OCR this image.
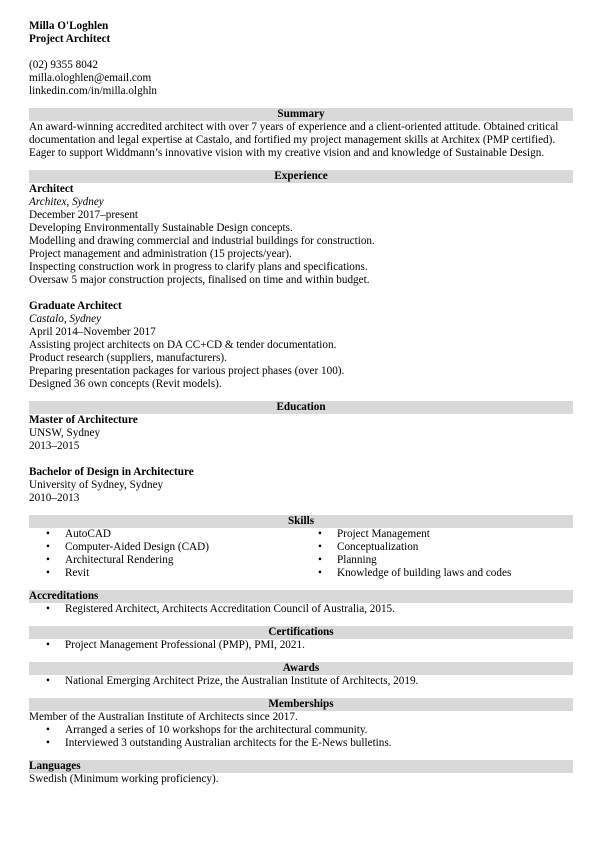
Milla O'Loghlen
Project Architect
(02) 9355 8042
milla.ologhlen@email.com
linkedin.com/in/milla.olghln
Summary
An award-winning accredited architect with over 7 years of experience and a client-oriented attitude. Obtained critical documentation and legal expertise at Castalo, and fortified my project management skills at Architex (PMP certified). Eager to support Widdmann’s innovative vision with my creative vision and and knowledge of Sustainable Design.
Experience
Architect
Architex, Sydney
December 2017–present
Developing Environmentally Sustainable Design concepts.
Modelling and drawing commercial and industrial buildings for construction.
Project management and administration (15 projects/year).
Inspecting construction work in progress to clarify plans and specifications.
Oversaw 5 major construction projects, finalised on time and within budget.
Graduate Architect
Castalo, Sydney
April 2014–November 2017
Assisting project architects on DA CC+CD & tender documentation.
Product research (suppliers, manufacturers).
Preparing presentation packages for various project phases (over 100).
Designed 36 own concepts (Revit models).
Education
Master of Architecture
UNSW, Sydney
2013–2015
Bachelor of Design in Architecture
University of Sydney, Sydney
2010–2013
Skills
• AutoCAD
• Computer-Aided Design (CAD)
• Architectural Rendering
• Revit
• Project Management
• Conceptualization
• Planning
• Knowledge of building laws and codes
Accreditations
• Registered Architect, Architects Accreditation Council of Australia, 2015.
Certifications
• Project Management Professional (PMP), PMI, 2021.
Awards
• National Emerging Architect Prize, the Australian Institute of Architects, 2019.
Memberships
Member of the Australian Institute of Architects since 2017.
• Arranged a series of 10 workshops for the architectural community.
• Interviewed 3 outstanding Australian architects for the E-News bulletins.
Languages
Swedish (Minimum working proficiency).
